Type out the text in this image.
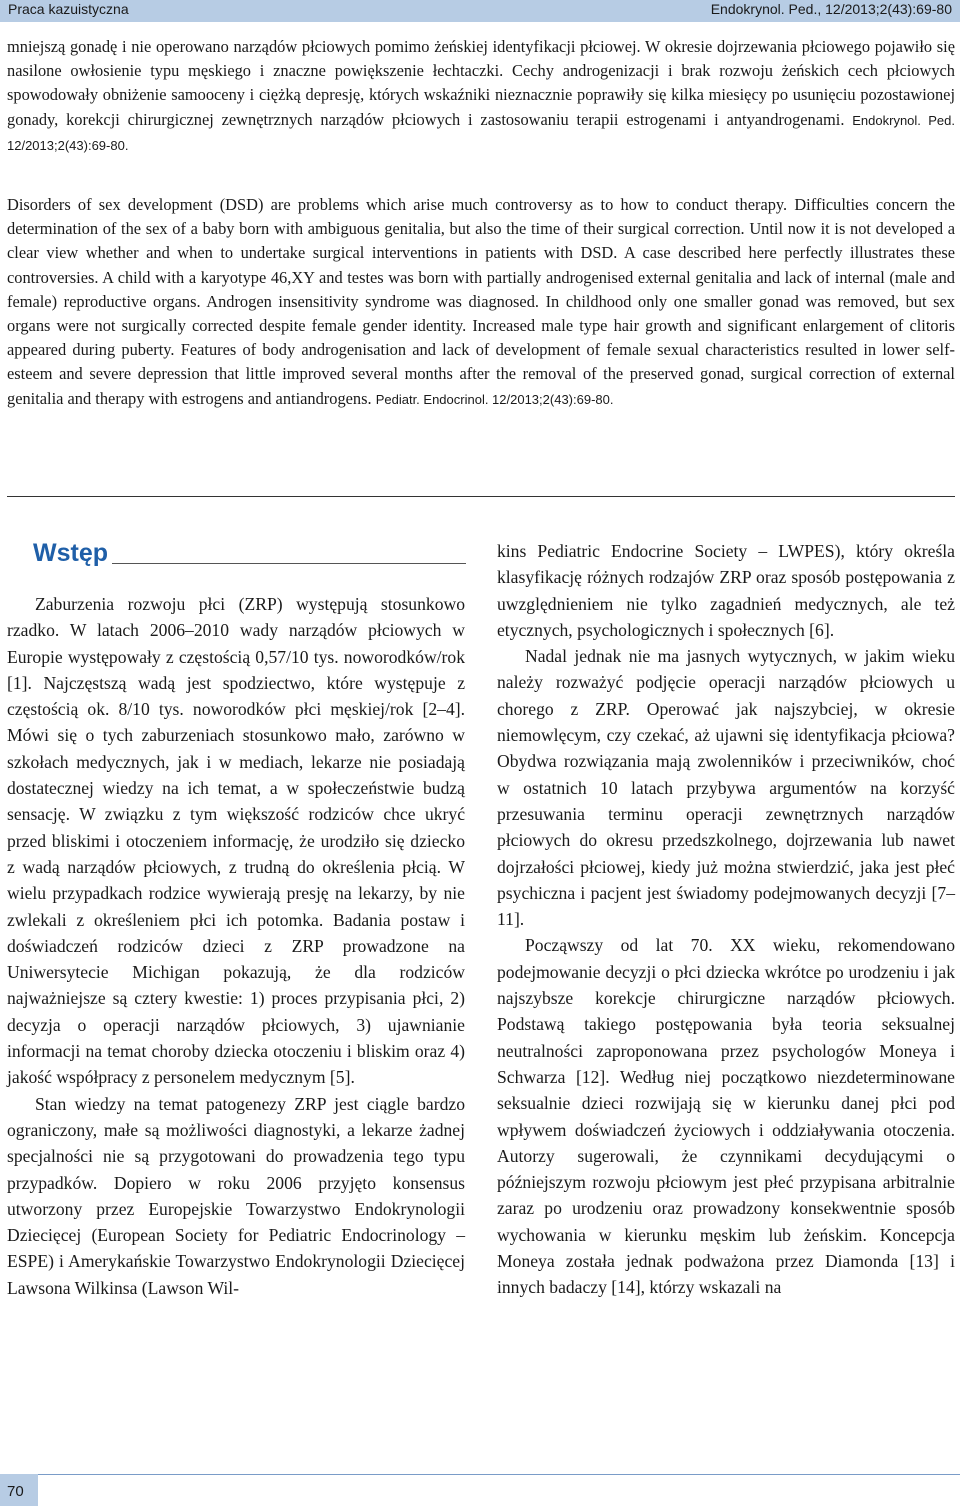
Praca kazuistyczna	Endokrynol. Ped., 12/2013;2(43):69-80
mniejszą gonadę i nie operowano narządów płciowych pomimo żeńskiej identyfikacji płciowej. W okresie dojrzewania płciowego pojawiło się nasilone owłosienie typu męskiego i znaczne powiększenie łechtaczki. Cechy androgenizacji i brak rozwoju żeńskich cech płciowych spowodowały obniżenie samooceny i ciężką depresję, których wskaźniki nieznacznie poprawiły się kilka miesięcy po usunięciu pozostawionej gonady, korekcji chirurgicznej zewnętrznych narządów płciowych i zastosowaniu terapii estrogenami i antyandrogenami. Endokrynol. Ped. 12/2013;2(43):69-80.
Disorders of sex development (DSD) are problems which arise much controversy as to how to conduct therapy. Difficulties concern the determination of the sex of a baby born with ambiguous genitalia, but also the time of their surgical correction. Until now it is not developed a clear view whether and when to undertake surgical interventions in patients with DSD. A case described here perfectly illustrates these controversies. A child with a karyotype 46,XY and testes was born with partially androgenised external genitalia and lack of internal (male and female) reproductive organs. Androgen insensitivity syndrome was diagnosed. In childhood only one smaller gonad was removed, but sex organs were not surgically corrected despite female gender identity. Increased male type hair growth and significant enlargement of clitoris appeared during puberty. Features of body androgenisation and lack of development of female sexual characteristics resulted in lower self-esteem and severe depression that little improved several months after the removal of the preserved gonad, surgical correction of external genitalia and therapy with estrogens and antiandrogens. Pediatr. Endocrinol. 12/2013;2(43):69-80.
Wstęp

Zaburzenia rozwoju płci (ZRP) występują stosunkowo rzadko. W latach 2006–2010 wady narządów płciowych w Europie występowały z częstością 0,57/10 tys. noworodków/rok [1]. Najczęstszą wadą jest spodziectwo, które występuje z częstością ok. 8/10 tys. noworodków płci męskiej/rok [2–4]. Mówi się o tych zaburzeniach stosunkowo mało, zarówno w szkołach medycznych, jak i w mediach, lekarze nie posiadają dostatecznej wiedzy na ich temat, a w społeczeństwie budzą sensację. W związku z tym większość rodziców chce ukryć przed bliskimi i otoczeniem informację, że urodziło się dziecko z wadą narządów płciowych, z trudną do określenia płcią. W wielu przypadkach rodzice wywierają presję na lekarzy, by nie zwlekali z określeniem płci ich potomka. Badania postaw i doświadczeń rodziców dzieci z ZRP prowadzone na Uniwersytecie Michigan pokazują, że dla rodziców najważniejsze są cztery kwestie: 1) proces przypisania płci, 2) decyzja o operacji narządów płciowych, 3) ujawnianie informacji na temat choroby dziecka otoczeniu i bliskim oraz 4) jakość współpracy z personelem medycznym [5].

Stan wiedzy na temat patogenezy ZRP jest ciągle bardzo ograniczony, małe są możliwości diagnostyki, a lekarze żadnej specjalności nie są przygotowani do prowadzenia tego typu przypadków. Dopiero w roku 2006 przyjęto konsensus utworzony przez Europejskie Towarzystwo Endokrynologii Dziecięcej (European Society for Pediatric Endocrinology – ESPE) i Amerykańskie Towarzystwo Endokrynologii Dziecięcej Lawsona Wilkinsa (Lawson Wil-

kins Pediatric Endocrine Society – LWPES), który określa klasyfikację różnych rodzajów ZRP oraz sposób postępowania z uwzględnieniem nie tylko zagadnień medycznych, ale też etycznych, psychologicznych i społecznych [6].

Nadal jednak nie ma jasnych wytycznych, w jakim wieku należy rozważyć podjęcie operacji narządów płciowych u chorego z ZRP. Operować jak najszybciej, w okresie niemowlęcym, czy czekać, aż ujawni się identyfikacja płciowa? Obydwa rozwiązania mają zwolenników i przeciwników, choć w ostatnich 10 latach przybywa argumentów na korzyść przesuwania terminu operacji zewnętrznych narządów płciowych do okresu przedszkolnego, dojrzewania lub nawet dojrzałości płciowej, kiedy już można stwierdzić, jaka jest płeć psychiczna i pacjent jest świadomy podejmowanych decyzji [7–11].

Począwszy od lat 70. XX wieku, rekomendowano podejmowanie decyzji o płci dziecka wkrótce po urodzeniu i jak najszybsze korekcje chirurgiczne narządów płciowych. Podstawą takiego postępowania była teoria seksualnej neutralności zaproponowana przez psychologów Moneya i Schwarza [12]. Według niej początkowo niezdeterminowane seksualnie dzieci rozwijają się w kierunku danej płci pod wpływem doświadczeń życiowych i oddziaływania otoczenia. Autorzy sugerowali, że czynnikami decydującymi o późniejszym rozwoju płciowym jest płeć przypisana arbitralnie zaraz po urodzeniu oraz prowadzony konsekwentnie sposób wychowania w kierunku męskim lub żeńskim. Koncepcja Moneya została jednak podważona przez Diamonda [13] i innych badaczy [14], którzy wskazali na

70
